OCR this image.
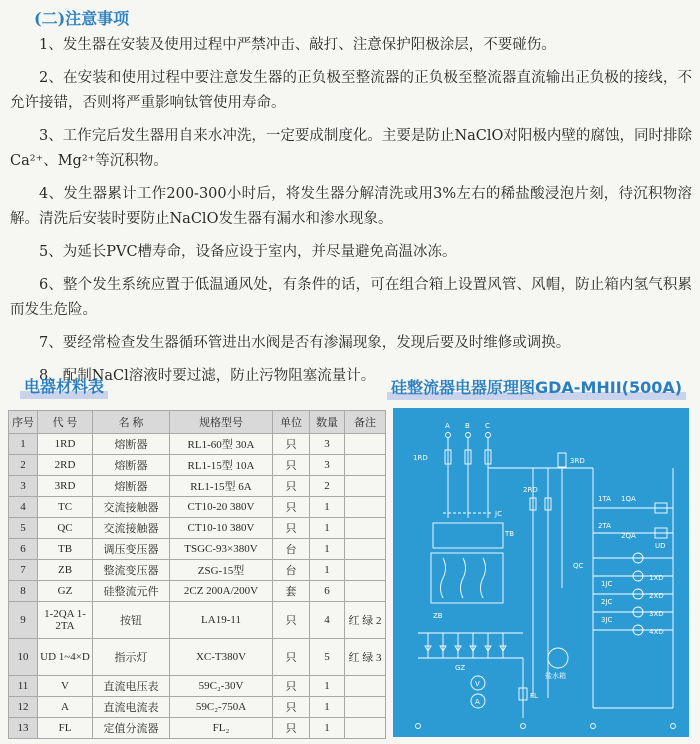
(二)注意事项

1、发生器在安装及使用过程中严禁冲击、敲打、注意保护阳极涂层，不要碰伤。

2、在安装和使用过程中要注意发生器的正负极至整流器的正负极至整流器直流输出正负极的接线，不允许接错，否则将严重影响钛管使用寿命。

3、工作完后发生器用自来水冲洗，一定要成制度化。主要是防止NaClO对阳极内壁的腐蚀，同时排除Ca²⁺、Mg²⁺等沉积物。

4、发生器累计工作200-300小时后，将发生器分解清洗或用3%左右的稀盐酸浸泡片刻，待沉积物溶解。清洗后安装时要防止NaClO发生器有漏水和渗水现象。

5、为延长PVC槽寿命，设备应设于室内，并尽量避免高温冰冻。

6、整个发生系统应置于低温通风处，有条件的话，可在组合箱上设置风管、风帽，防止箱内氢气积累而发生危险。

7、要经常检查发生器循环管进出水阀是否有渗漏现象，发现后要及时维修或调换。

8、配制NaCl溶液时要过滤，防止污物阻塞流量计。

电器材料表	硅整流器电器原理图GDA-MHII(500A)
序号	代 号	名 称	规格型号	单位	数量	备注
1	1RD	熔断器	RL1-60型 30A	只	3	
2	2RD	熔断器	RL1-15型 10A	只	3	
3	3RD	熔断器	RL1-15型 6A	只	2	
4	TC	交流接触器	CT10-20 380V	只	1	
5	QC	交流接触器	CT10-10 380V	只	1	
6	TB	调压变压器	TSGC-93×380V	台	1	
7	ZB	整流变压器	ZSG-15型	台	1	
8	GZ	硅整流元件	2CZ 200A/200V	套	6	
9	1-2QA 1-2TA	按钮	LA19-11	只	4	红 绿 2
10	UD 1~4×D	指示灯	XC-T380V	只	5	红 绿 3
11	V	直流电压表	59C₂-30V	只	1	
12	A	直流电流表	59C₂-750A	只	1	
13	FL	定值分流器	FL₂	只	1	
A B C
1RD
JC
TB
ZB
GZ
V
A
FL
2RD
3RD
1TA 1QA
2TA
2QA
QC
UD
1JC
2JC
3JC
1XD
2XD
3XD
4XD
盐水箱
